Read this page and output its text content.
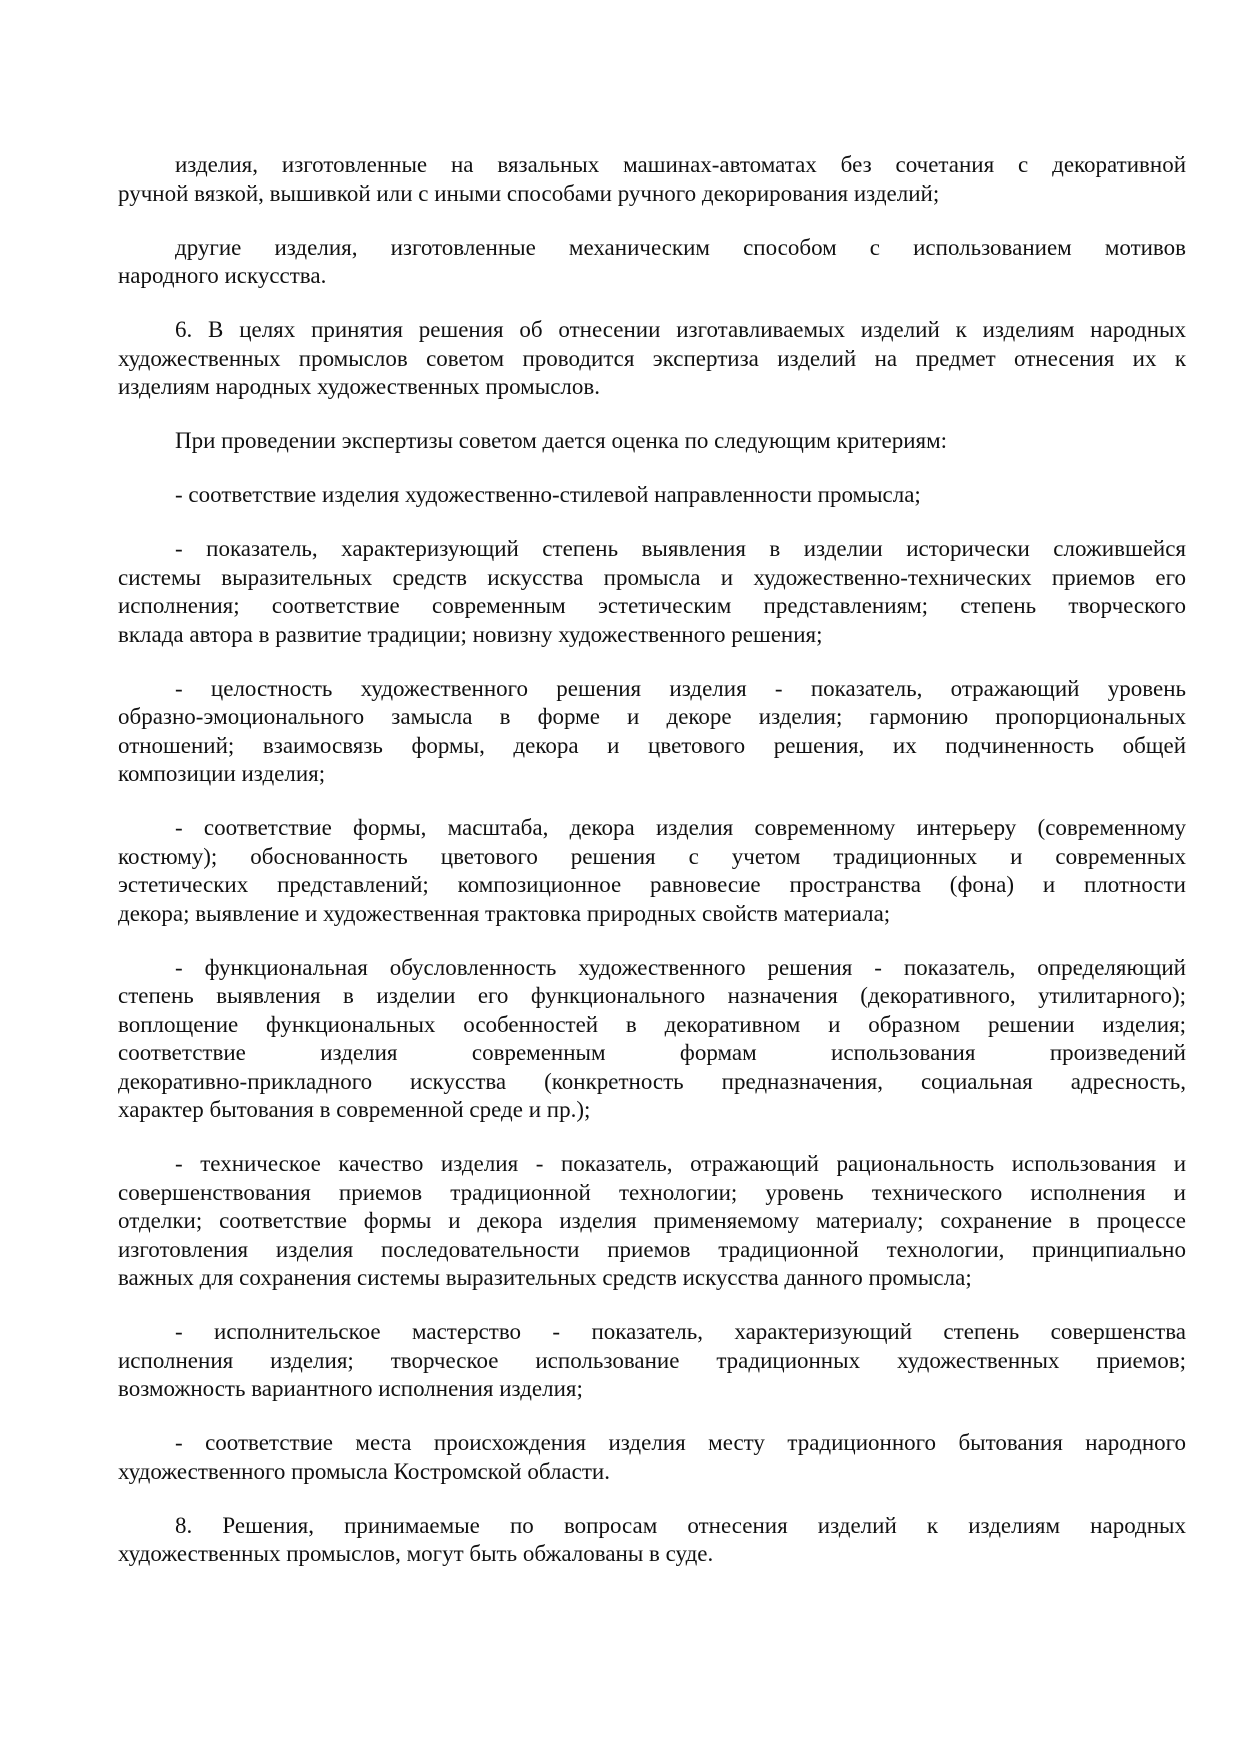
изделия, изготовленные на вязальных машинах-автоматах без сочетания с декоративной
ручной вязкой, вышивкой или с иными способами ручного декорирования изделий;
другие изделия, изготовленные механическим способом с использованием мотивов
народного искусства.
6. В целях принятия решения об отнесении изготавливаемых изделий к изделиям народных
художественных промыслов советом проводится экспертиза изделий на предмет отнесения их к
изделиям народных художественных промыслов.
При проведении экспертизы советом дается оценка по следующим критериям:
- соответствие изделия художественно-стилевой направленности промысла;
- показатель, характеризующий степень выявления в изделии исторически сложившейся
системы выразительных средств искусства промысла и художественно-технических приемов его
исполнения; соответствие современным эстетическим представлениям; степень творческого
вклада автора в развитие традиции; новизну художественного решения;
- целостность художественного решения изделия - показатель, отражающий уровень
образно-эмоционального замысла в форме и декоре изделия; гармонию пропорциональных
отношений; взаимосвязь формы, декора и цветового решения, их подчиненность общей
композиции изделия;
- соответствие формы, масштаба, декора изделия современному интерьеру (современному
костюму); обоснованность цветового решения с учетом традиционных и современных
эстетических представлений; композиционное равновесие пространства (фона) и плотности
декора; выявление и художественная трактовка природных свойств материала;
- функциональная обусловленность художественного решения - показатель, определяющий
степень выявления в изделии его функционального назначения (декоративного, утилитарного);
воплощение функциональных особенностей в декоративном и образном решении изделия;
соответствие изделия современным формам использования произведений
декоративно-прикладного искусства (конкретность предназначения, социальная адресность,
характер бытования в современной среде и пр.);
- техническое качество изделия - показатель, отражающий рациональность использования и
совершенствования приемов традиционной технологии; уровень технического исполнения и
отделки; соответствие формы и декора изделия применяемому материалу; сохранение в процессе
изготовления изделия последовательности приемов традиционной технологии, принципиально
важных для сохранения системы выразительных средств искусства данного промысла;
- исполнительское мастерство - показатель, характеризующий степень совершенства
исполнения изделия; творческое использование традиционных художественных приемов;
возможность вариантного исполнения изделия;
- соответствие места происхождения изделия месту традиционного бытования народного
художественного промысла Костромской области.
8. Решения, принимаемые по вопросам отнесения изделий к изделиям народных
художественных промыслов, могут быть обжалованы в суде.
